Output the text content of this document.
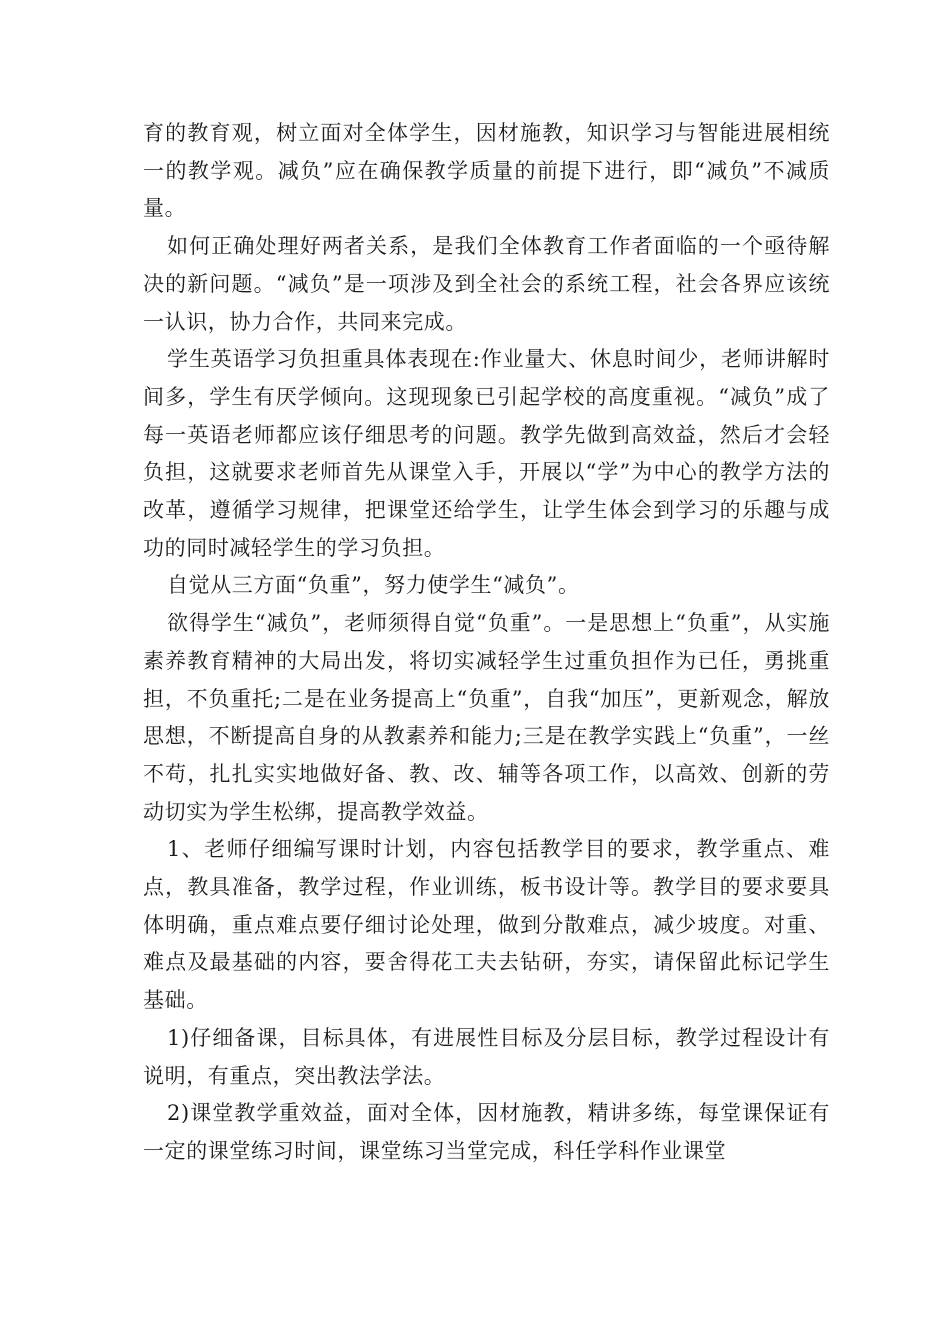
育的教育观，树立面对全体学生，因材施教，知识学习与智能进展相统一的教学观。减负”应在确保教学质量的前提下进行，即“减负”不减质量。

如何正确处理好两者关系，是我们全体教育工作者面临的一个亟待解决的新问题。“减负”是一项涉及到全社会的系统工程，社会各界应该统一认识，协力合作，共同来完成。

学生英语学习负担重具体表现在:作业量大、休息时间少，老师讲解时间多，学生有厌学倾向。这现现象已引起学校的高度重视。“减负”成了每一英语老师都应该仔细思考的问题。教学先做到高效益，然后才会轻负担，这就要求老师首先从课堂入手，开展以“学”为中心的教学方法的改革，遵循学习规律，把课堂还给学生，让学生体会到学习的乐趣与成功的同时减轻学生的学习负担。

自觉从三方面“负重”，努力使学生“减负”。

欲得学生“减负”，老师须得自觉“负重”。一是思想上“负重”，从实施素养教育精神的大局出发，将切实减轻学生过重负担作为已任，勇挑重担，不负重托;二是在业务提高上“负重”，自我“加压”，更新观念，解放思想，不断提高自身的从教素养和能力;三是在教学实践上“负重”，一丝不苟，扎扎实实地做好备、教、改、辅等各项工作，以高效、创新的劳动切实为学生松绑，提高教学效益。

1、老师仔细编写课时计划，内容包括教学目的要求，教学重点、难点，教具准备，教学过程，作业训练，板书设计等。教学目的要求要具体明确，重点难点要仔细讨论处理，做到分散难点，减少坡度。对重、难点及最基础的内容，要舍得花工夫去钻研，夯实，请保留此标记学生基础。

1)仔细备课，目标具体，有进展性目标及分层目标，教学过程设计有说明，有重点，突出教法学法。

2)课堂教学重效益，面对全体，因材施教，精讲多练，每堂课保证有一定的课堂练习时间，课堂练习当堂完成，科任学科作业课堂
